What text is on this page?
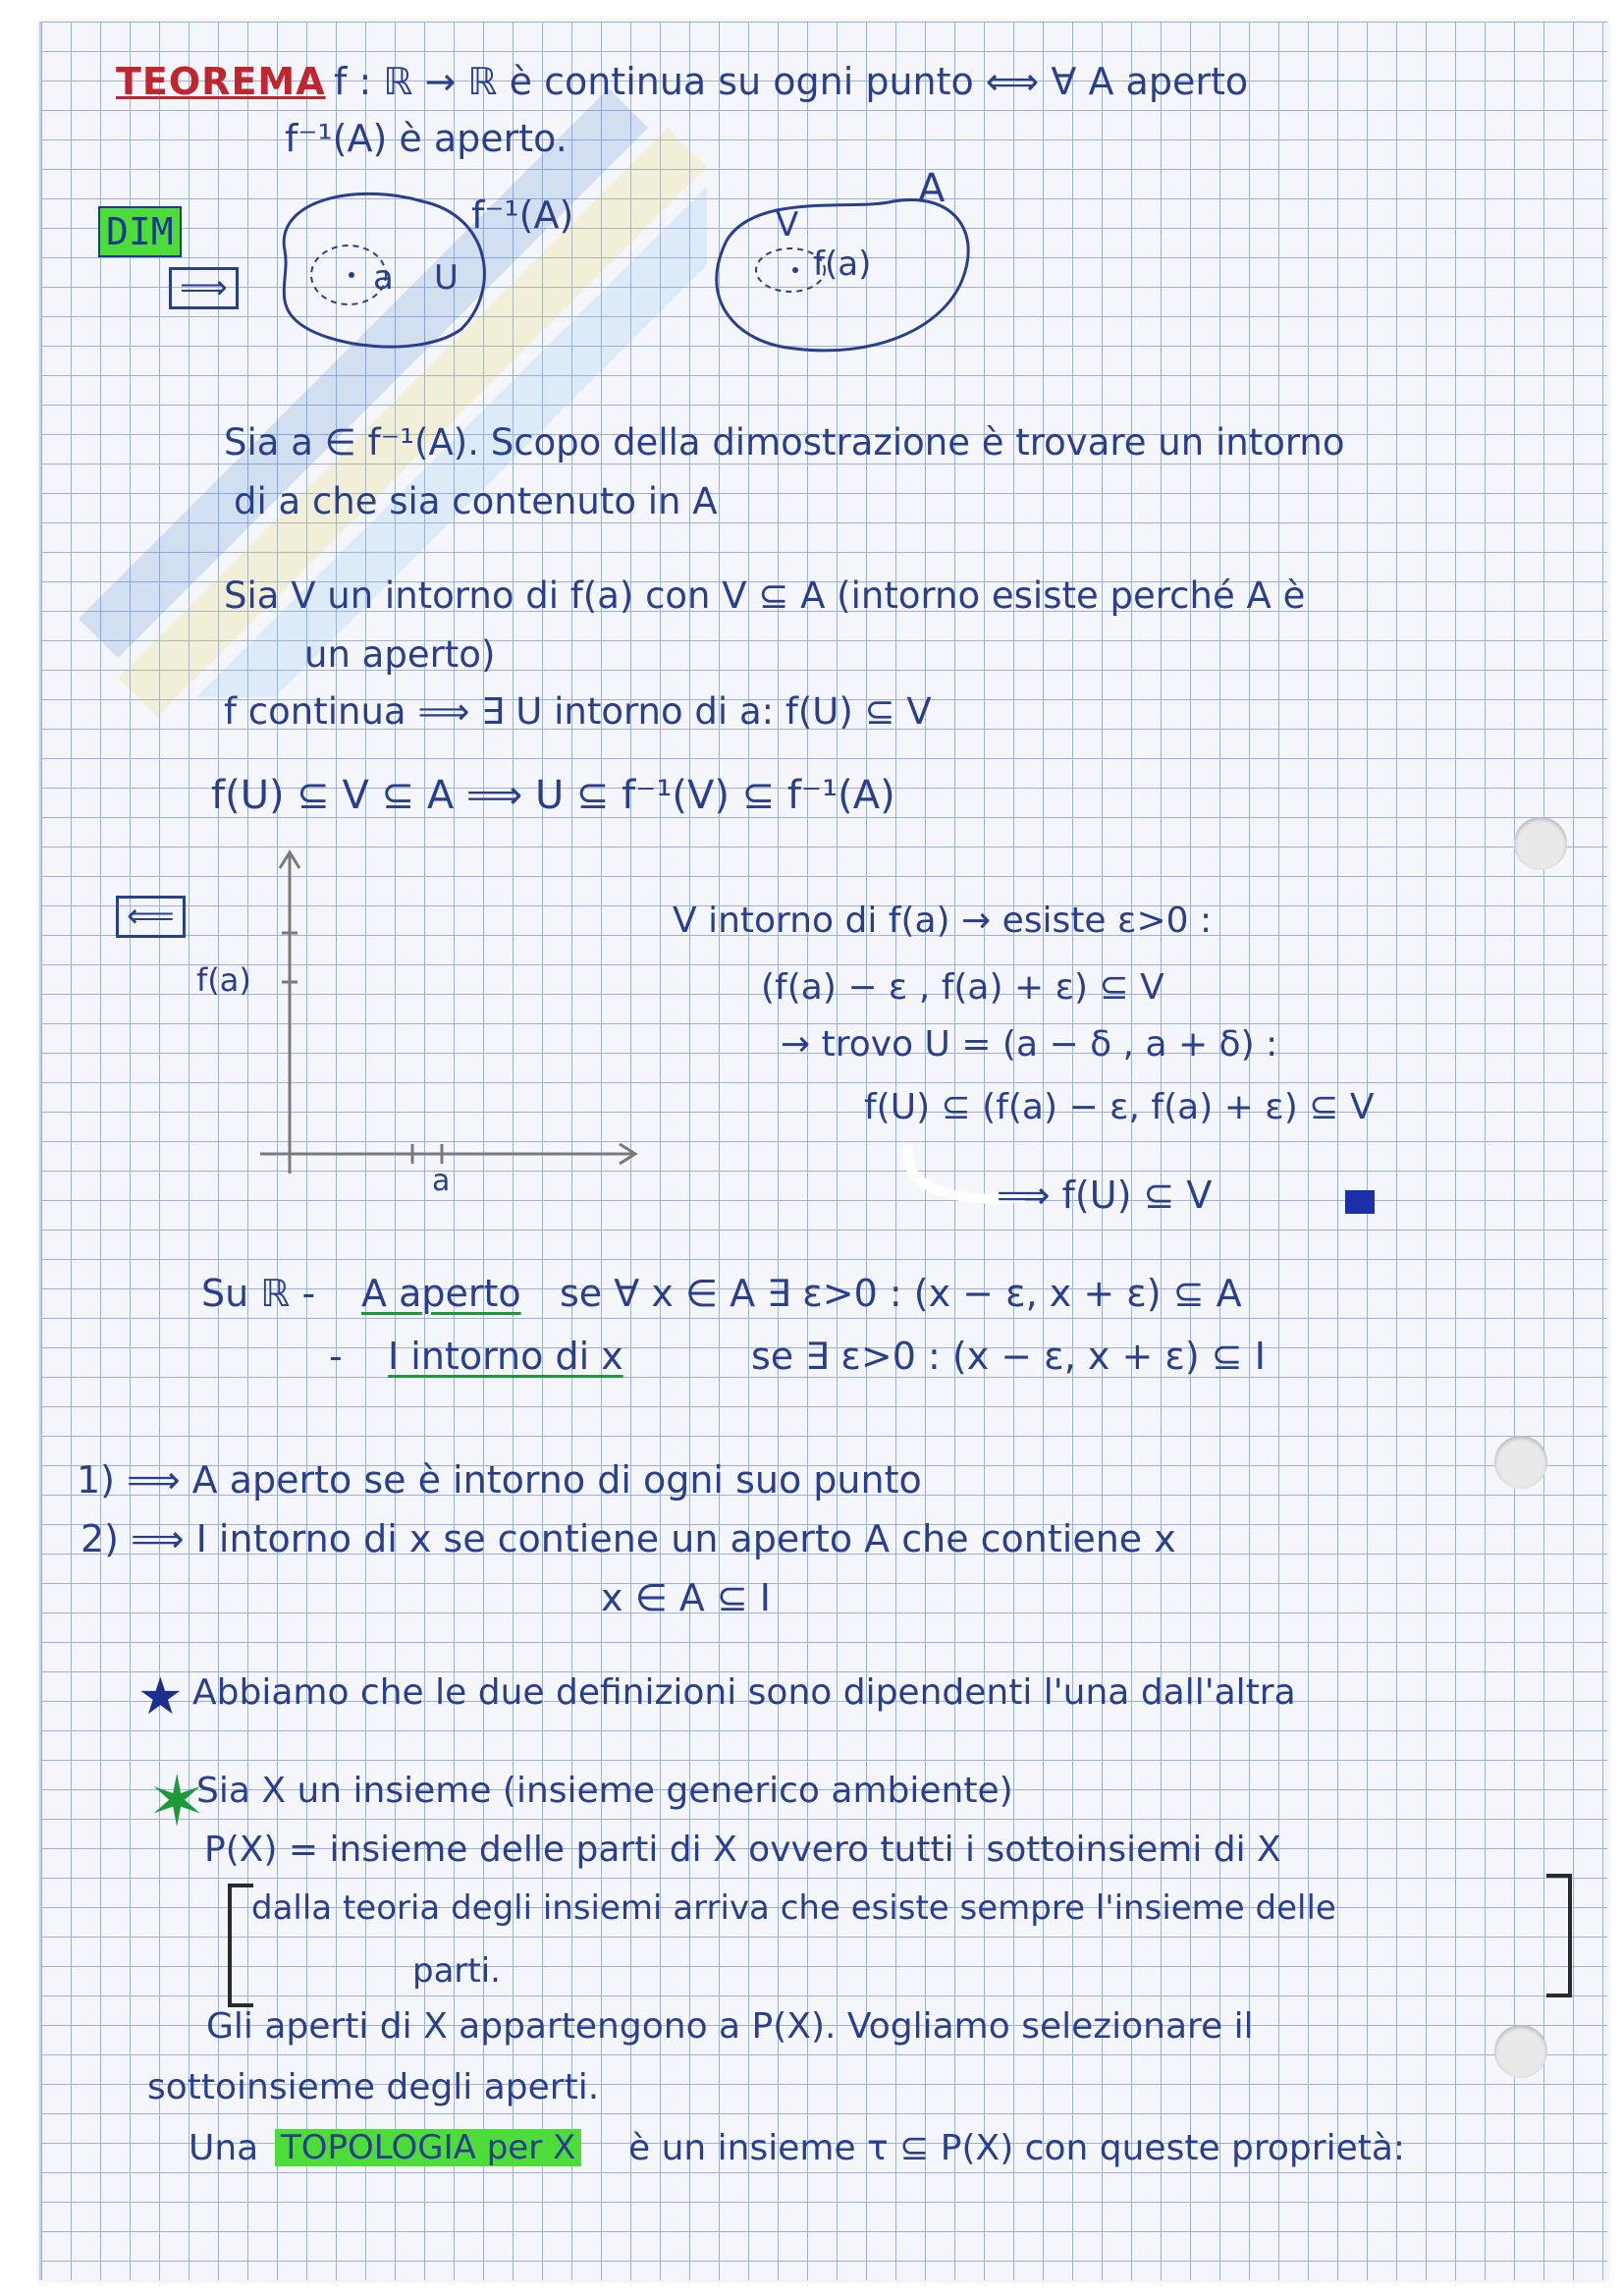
TEOREMA f : ℝ → ℝ è continua su ogni punto ⟺ ∀ A aperto
f⁻¹(A) è aperto.
DIM
⟹	a U
f⁻¹(A)
A
V
f(a)
Sia a ∈ f⁻¹(A). Scopo della dimostrazione è trovare un intorno
di a che sia contenuto in A
Sia V un intorno di f(a) con V ⊆ A (intorno esiste perché A è
un aperto)
f continua ⟹ ∃ U intorno di a: f(U) ⊆ V
f(U) ⊆ V ⊆ A ⟹ U ⊆ f⁻¹(V) ⊆ f⁻¹(A)
⟸
f(a)
a
V intorno di f(a) → esiste ε>0 :
(f(a) − ε , f(a) + ε) ⊆ V
→ trovo U = (a − δ , a + δ) :
f(U) ⊆ (f(a) − ε, f(a) + ε) ⊆ V
⟹ f(U) ⊆ V
Su ℝ - A aperto se ∀ x ∈ A ∃ ε>0 : (x − ε, x + ε) ⊆ A
- I intorno di x	se ∃ ε>0 : (x − ε, x + ε) ⊆ I
1) ⟹ A aperto se è intorno di ogni suo punto
2) ⟹ I intorno di x se contiene un aperto A che contiene x
x ∈ A ⊆ I
★ Abbiamo che le due definizioni sono dipendenti l'una dall'altra
✶
Sia X un insieme (insieme generico ambiente)
P(X) = insieme delle parti di X ovvero tutti i sottoinsiemi di X
dalla teoria degli insiemi arriva che esiste sempre l'insieme delle
parti.
Gli aperti di X appartengono a P(X). Vogliamo selezionare il
sottoinsieme degli aperti.
Una TOPOLOGIA per X è un insieme τ ⊆ P(X) con queste proprietà:
